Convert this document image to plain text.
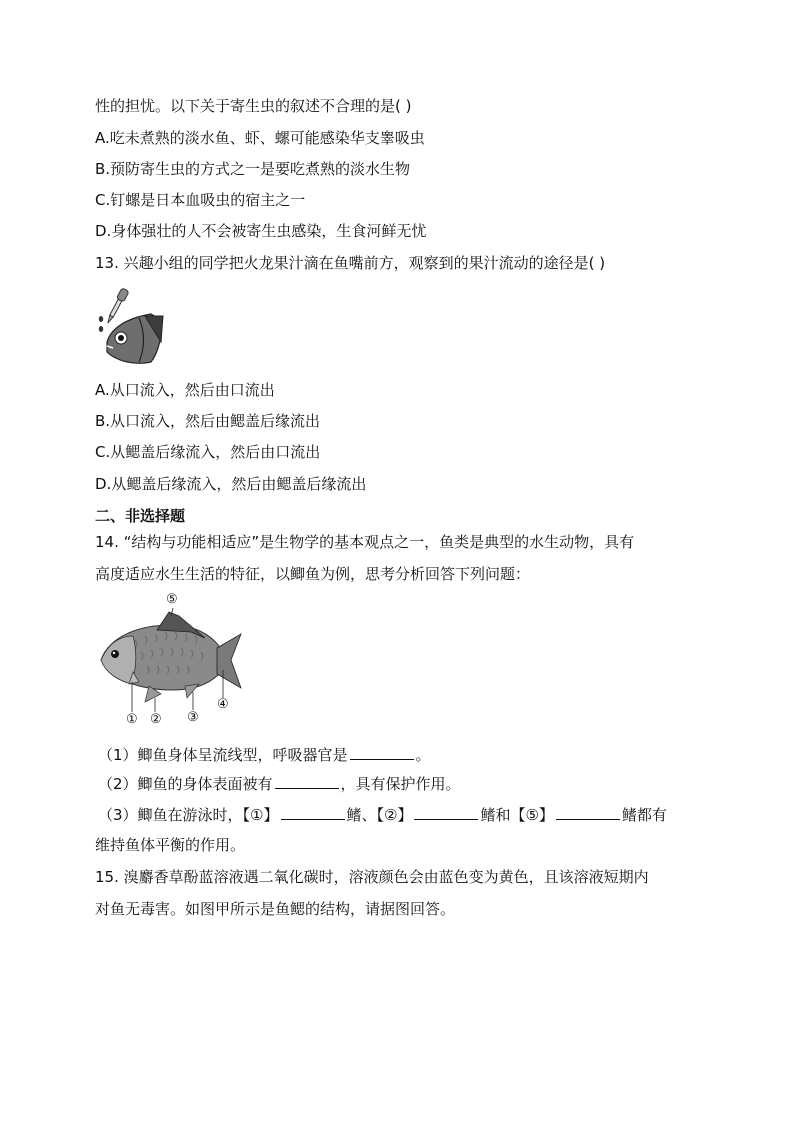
性的担忧。以下关于寄生虫的叙述不合理的是( )
A.吃未煮熟的淡水鱼、虾、螺可能感染华支睾吸虫
B.预防寄生虫的方式之一是要吃煮熟的淡水生物
C.钉螺是日本血吸虫的宿主之一
D.身体强壮的人不会被寄生虫感染，生食河鲜无忧
13. 兴趣小组的同学把火龙果汁滴在鱼嘴前方，观察到的果汁流动的途径是( )
A.从口流入，然后由口流出
B.从口流入，然后由鳃盖后缘流出
C.从鳃盖后缘流入，然后由口流出
D.从鳃盖后缘流入，然后由鳃盖后缘流出
二、非选择题
14. “结构与功能相适应”是生物学的基本观点之一，鱼类是典型的水生动物，具有
高度适应水生生活的特征，以鲫鱼为例，思考分析回答下列问题：
⑤
① ② ③
④
（1）鲫鱼身体呈流线型，呼吸器官是	。
（2）鲫鱼的身体表面被有	，具有保护作用。
（3）鲫鱼在游泳时，【①】	鳍、【②】	鳍和【⑤】	鳍都有
维持鱼体平衡的作用。
15. 溴麝香草酚蓝溶液遇二氧化碳时，溶液颜色会由蓝色变为黄色，且该溶液短期内
对鱼无毒害。如图甲所示是鱼鳃的结构，请据图回答。
